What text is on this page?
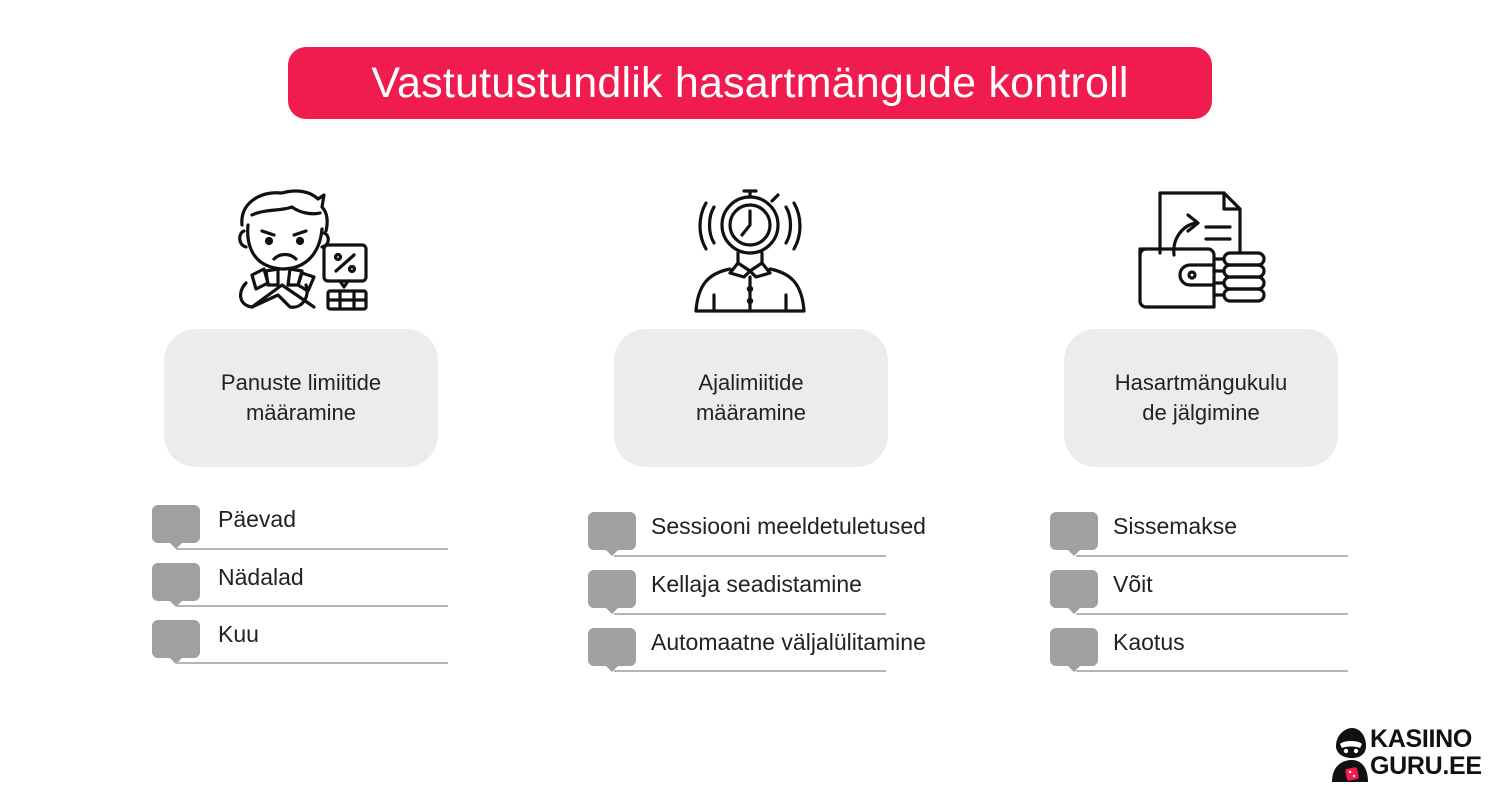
Vastutustundlik hasartmängude kontroll
Panuste limiitide
määramine
Päevad
Nädalad
Kuu
Ajalimiitide
määramine
Sessiooni meeldetuletused
Kellaja seadistamine
Automaatne väljalülitamine
Hasartmängukulu
de jälgimine
Sissemakse
Võit
Kaotus
KASIINO
GURU.EE
